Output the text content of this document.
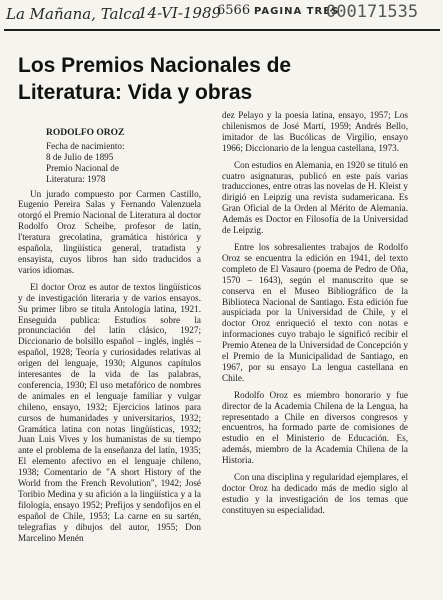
La Mañana, Talca
14-VI-1989
6566 PAGINA TRES
000171535
Los Premios Nacionales de
Literatura: Vida y obras
RODOLFO OROZ
Fecha de nacimiento:
8 de Julio de 1895
Premio Nacional de
Literatura: 1978

Un jurado compuesto por Carmen Castillo, Eugenio Pereira Salas y Fernando Valenzuela otorgó el Premio Nacional de Literatura al doctor Rodolfo Oroz Scheibe, profesor de latín, l'teratura grecolatina, gramática histórica y española, lingüística general, tratadista y ensayista, cuyos libros han sido traducidos a varios idiomas.

El doctor Oroz es autor de textos lingüísticos y de investigación literaria y de varios ensayos. Su primer libro se titula Antología latina, 1921. Enseguida publica: Estudios sobre la pronunciación del latín clásico, 1927; Diccionario de bolsillo español – inglés, inglés – español, 1928; Teoría y curiosidades relativas al origen del lenguaje, 1930; Algunos capítulos interesantes de la vida de las palabras, conferencia, 1930; El uso metafórico de nombres de animales en el lenguaje familiar y vulgar chileno, ensayo, 1932; Ejercicios latinos para cursos de humanidades y universitarios, 1932; Gramática latina con notas lingüísticas, 1932; Juan Luis Vives y los humanistas de su tiempo ante el problema de la enseñanza del latín, 1935; El elemento afectivo en el lenguaje chileno, 1938; Comentario de "A short History of the World from the French Revolution", 1942; José Toribio Medina y su afición a la lingüística y a la filología, ensayo 1952; Prefijos y sendofijos en el español de Chile, 1953; La carne en su sartén, telegrafías y dibujos del autor, 1955; Don Marcelino Menén

dez Pelayo y la poesía latina, ensayo, 1957; Los chilenismos de José Martí, 1959; Andrés Bello, imitador de las Bucólicas de Virgilio, ensayo 1966; Diccionario de la lengua castellana, 1973.

Con estudios en Alemania, en 1920 se tituló en cuatro asignaturas, publicó en este país varias traducciones, entre otras las novelas de H. Kleist y dirigió en Leipzig una revista sudamericana. Es Gran Oficial de la Orden al Mérito de Alemania. Además es Doctor en Filosofía de la Universidad de Leipzig.

Entre los sobresalientes trabajos de Rodolfo Oroz se encuentra la edición en 1941, del texto completo de El Vasauro (poema de Pedro de Oña, 1570 – 1643), según el manuscrito que se conserva en el Museo Bibliográfico de la Biblioteca Nacional de Santiago. Esta edición fue auspiciada por la Universidad de Chile, y el doctor Oroz enriqueció el texto con notas e informaciones cuyo trabajo le significó recibir el Premio Atenea de la Universidad de Concepción y el Premio de la Municipalidad de Santiago, en 1967, por su ensayo La lengua castellana en Chile.

Rodolfo Oroz es miembro honorario y fue director de la Academia Chilena de la Lengua, ha representado a Chile en diversos congresos y encuentros, ha formado parte de comisiones de estudio en el Ministerio de Educación. Es, además, miembro de la Academia Chilena de la Historia.

Con una disciplina y regularidad ejemplares, el doctor Oroz ha dedicado más de medio siglo al estudio y la investigación de los temas que constituyen su especialidad.
